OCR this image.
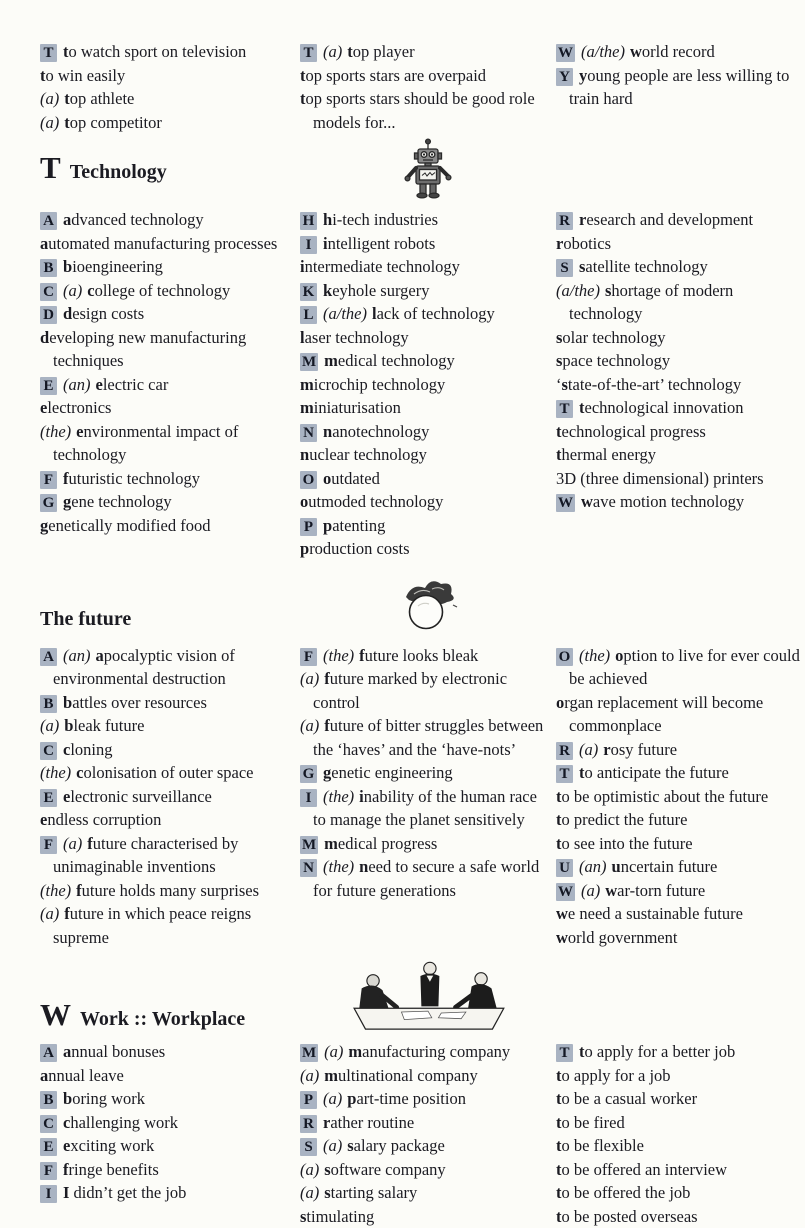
T to watch sport on television
to win easily
(a) top athlete
(a) top competitor
T Technology
T (a) top player
top sports stars are overpaid
top sports stars should be good role models for...
W (a/the) world record
Y young people are less willing to train hard
A advanced technology
automated manufacturing processes
B bioengineering
C (a) college of technology
D design costs
developing new manufacturing techniques
E (an) electric car
electronics
(the) environmental impact of technology
F futuristic technology
G gene technology
genetically modified food
H hi-tech industries
I intelligent robots
intermediate technology
K keyhole surgery
L (a/the) lack of technology
laser technology
M medical technology
microchip technology
miniaturisation
N nanotechnology
nuclear technology
O outdated
outmoded technology
P patenting
production costs
R research and development
robotics
S satellite technology
(a/the) shortage of modern technology
solar technology
space technology
‘state-of-the-art’ technology
T technological innovation
technological progress
thermal energy
3D (three dimensional) printers
W wave motion technology
The future
A (an) apocalyptic vision of environmental destruction
B battles over resources
(a) bleak future
C cloning
(the) colonisation of outer space
E electronic surveillance
endless corruption
F (a) future characterised by unimaginable inventions
(the) future holds many surprises
(a) future in which peace reigns supreme
F (the) future looks bleak
(a) future marked by electronic control
(a) future of bitter struggles between the ‘haves’ and the ‘have-nots’
G genetic engineering
I (the) inability of the human race to manage the planet sensitively
M medical progress
N (the) need to secure a safe world for future generations
O (the) option to live for ever could be achieved
organ replacement will become commonplace
R (a) rosy future
T to anticipate the future
to be optimistic about the future
to predict the future
to see into the future
U (an) uncertain future
W (a) war-torn future
we need a sustainable future
world government
W Work :: Workplace
A annual bonuses
annual leave
B boring work
C challenging work
E exciting work
F fringe benefits
I I didn’t get the job
M (a) manufacturing company
(a) multinational company
P (a) part-time position
R rather routine
S (a) salary package
(a) software company
(a) starting salary
stimulating
T to apply for a better job
to apply for a job
to be a casual worker
to be fired
to be flexible
to be offered an interview
to be offered the job
to be posted overseas
